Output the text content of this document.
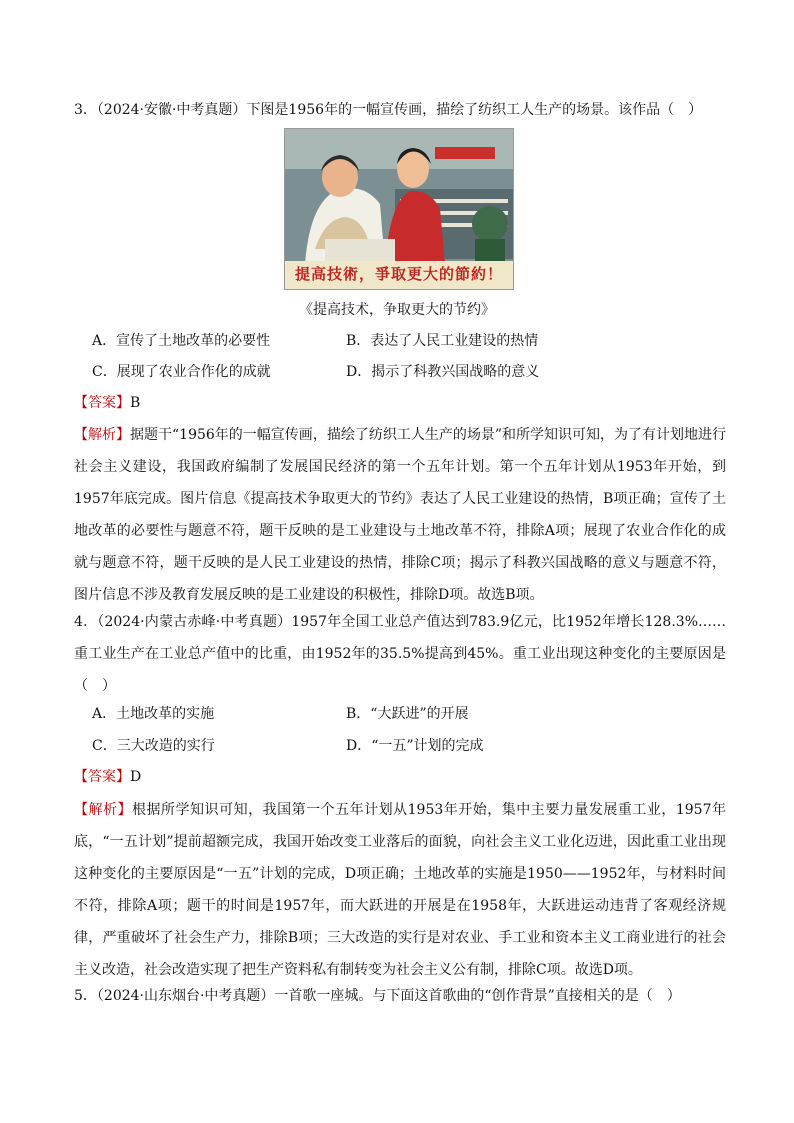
3．（2024·安徽·中考真题）下图是1956年的一幅宣传画，描绘了纺织工人生产的场景。该作品（　）
提高技術，爭取更大的節約！
《提高技术，争取更大的节约》
A．宣传了土地改革的必要性	B．表达了人民工业建设的热情
C．展现了农业合作化的成就	D．揭示了科教兴国战略的意义
【答案】B

【解析】据题干“1956年的一幅宣传画，描绘了纺织工人生产的场景”和所学知识可知，为了有计划地进行社会主义建设，我国政府编制了发展国民经济的第一个五年计划。第一个五年计划从1953年开始，到1957年底完成。图片信息《提高技术争取更大的节约》表达了人民工业建设的热情，B项正确；宣传了土地改革的必要性与题意不符，题干反映的是工业建设与土地改革不符，排除A项；展现了农业合作化的成就与题意不符，题干反映的是人民工业建设的热情，排除C项；揭示了科教兴国战略的意义与题意不符，图片信息不涉及教育发展反映的是工业建设的积极性，排除D项。故选B项。

4．（2024·内蒙古赤峰·中考真题）1957年全国工业总产值达到783.9亿元，比1952年增长128.3%……重工业生产在工业总产值中的比重，由1952年的35.5%提高到45%。重工业出现这种变化的主要原因是（　）

A．土地改革的实施	B．“大跃进”的开展
C．三大改造的实行	D．“一五”计划的完成
【答案】D

【解析】根据所学知识可知，我国第一个五年计划从1953年开始，集中主要力量发展重工业，1957年底，“一五计划”提前超额完成，我国开始改变工业落后的面貌，向社会主义工业化迈进，因此重工业出现这种变化的主要原因是“一五”计划的完成，D项正确；土地改革的实施是1950——1952年，与材料时间不符，排除A项；题干的时间是1957年，而大跃进的开展是在1958年，大跃进运动违背了客观经济规律，严重破坏了社会生产力，排除B项；三大改造的实行是对农业、手工业和资本主义工商业进行的社会主义改造，社会改造实现了把生产资料私有制转变为社会主义公有制，排除C项。故选D项。

5．（2024·山东烟台·中考真题）一首歌一座城。与下面这首歌曲的“创作背景”直接相关的是（　）
